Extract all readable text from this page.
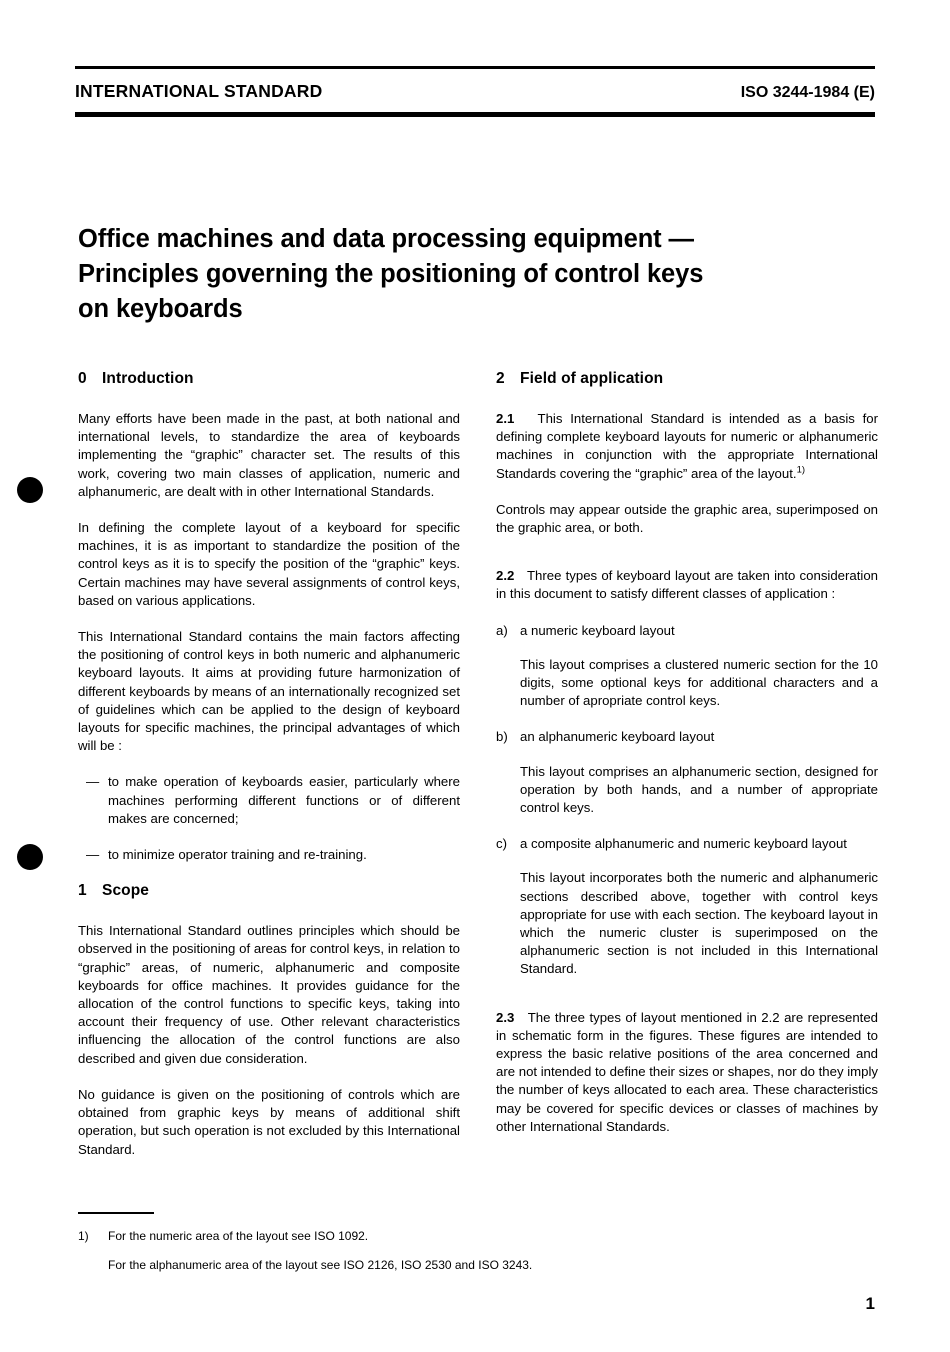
INTERNATIONAL STANDARD	ISO 3244-1984 (E)
Office machines and data processing equipment —
Principles governing the positioning of control keys
on keyboards
0 Introduction

Many efforts have been made in the past, at both national and international levels, to standardize the area of keyboards implementing the “graphic” character set. The results of this work, covering two main classes of application, numeric and alphanumeric, are dealt with in other International Standards.

In defining the complete layout of a keyboard for specific machines, it is as important to standardize the position of the control keys as it is to specify the position of the “graphic” keys. Certain machines may have several assignments of control keys, based on various applications.

This International Standard contains the main factors affecting the positioning of control keys in both numeric and alphanumeric keyboard layouts. It aims at providing future harmonization of different keyboards by means of an internationally recognized set of guidelines which can be applied to the design of keyboard layouts for specific machines, the principal advantages of which will be :

— to make operation of keyboards easier, particularly where machines performing different functions or of different makes are concerned;
— to minimize operator training and re-training.
1 Scope

This International Standard outlines principles which should be observed in the positioning of areas for control keys, in relation to “graphic” areas, of numeric, alphanumeric and composite keyboards for office machines. It provides guidance for the allocation of the control functions to specific keys, taking into account their frequency of use. Other relevant characteristics influencing the allocation of the control functions are also described and given due consideration.

No guidance is given on the positioning of controls which are obtained from graphic keys by means of additional shift operation, but such operation is not excluded by this International Standard.

2 Field of application

2.1 This International Standard is intended as a basis for defining complete keyboard layouts for numeric or alphanumeric machines in conjunction with the appropriate International Standards covering the “graphic” area of the layout.$^{1)}$

Controls may appear outside the graphic area, superimposed on the graphic area, or both.

2.2 Three types of keyboard layout are taken into consideration in this document to satisfy different classes of application :

a) a numeric keyboard layout

This layout comprises a clustered numeric section for the 10 digits, some optional keys for additional characters and a number of apropriate control keys.

b) an alphanumeric keyboard layout

This layout comprises an alphanumeric section, designed for operation by both hands, and a number of appropriate control keys.

c) a composite alphanumeric and numeric keyboard layout

This layout incorporates both the numeric and alphanumeric sections described above, together with control keys appropriate for use with each section. The keyboard layout in which the numeric cluster is superimposed on the alphanumeric section is not included in this International Standard.

2.3 The three types of layout mentioned in 2.2 are represented in schematic form in the figures. These figures are intended to express the basic relative positions of the area concerned and are not intended to define their sizes or shapes, nor do they imply the number of keys allocated to each area. These characteristics may be covered for specific devices or classes of machines by other International Standards.

1) For the numeric area of the layout see ISO 1092.
For the alphanumeric area of the layout see ISO 2126, ISO 2530 and ISO 3243.
1
